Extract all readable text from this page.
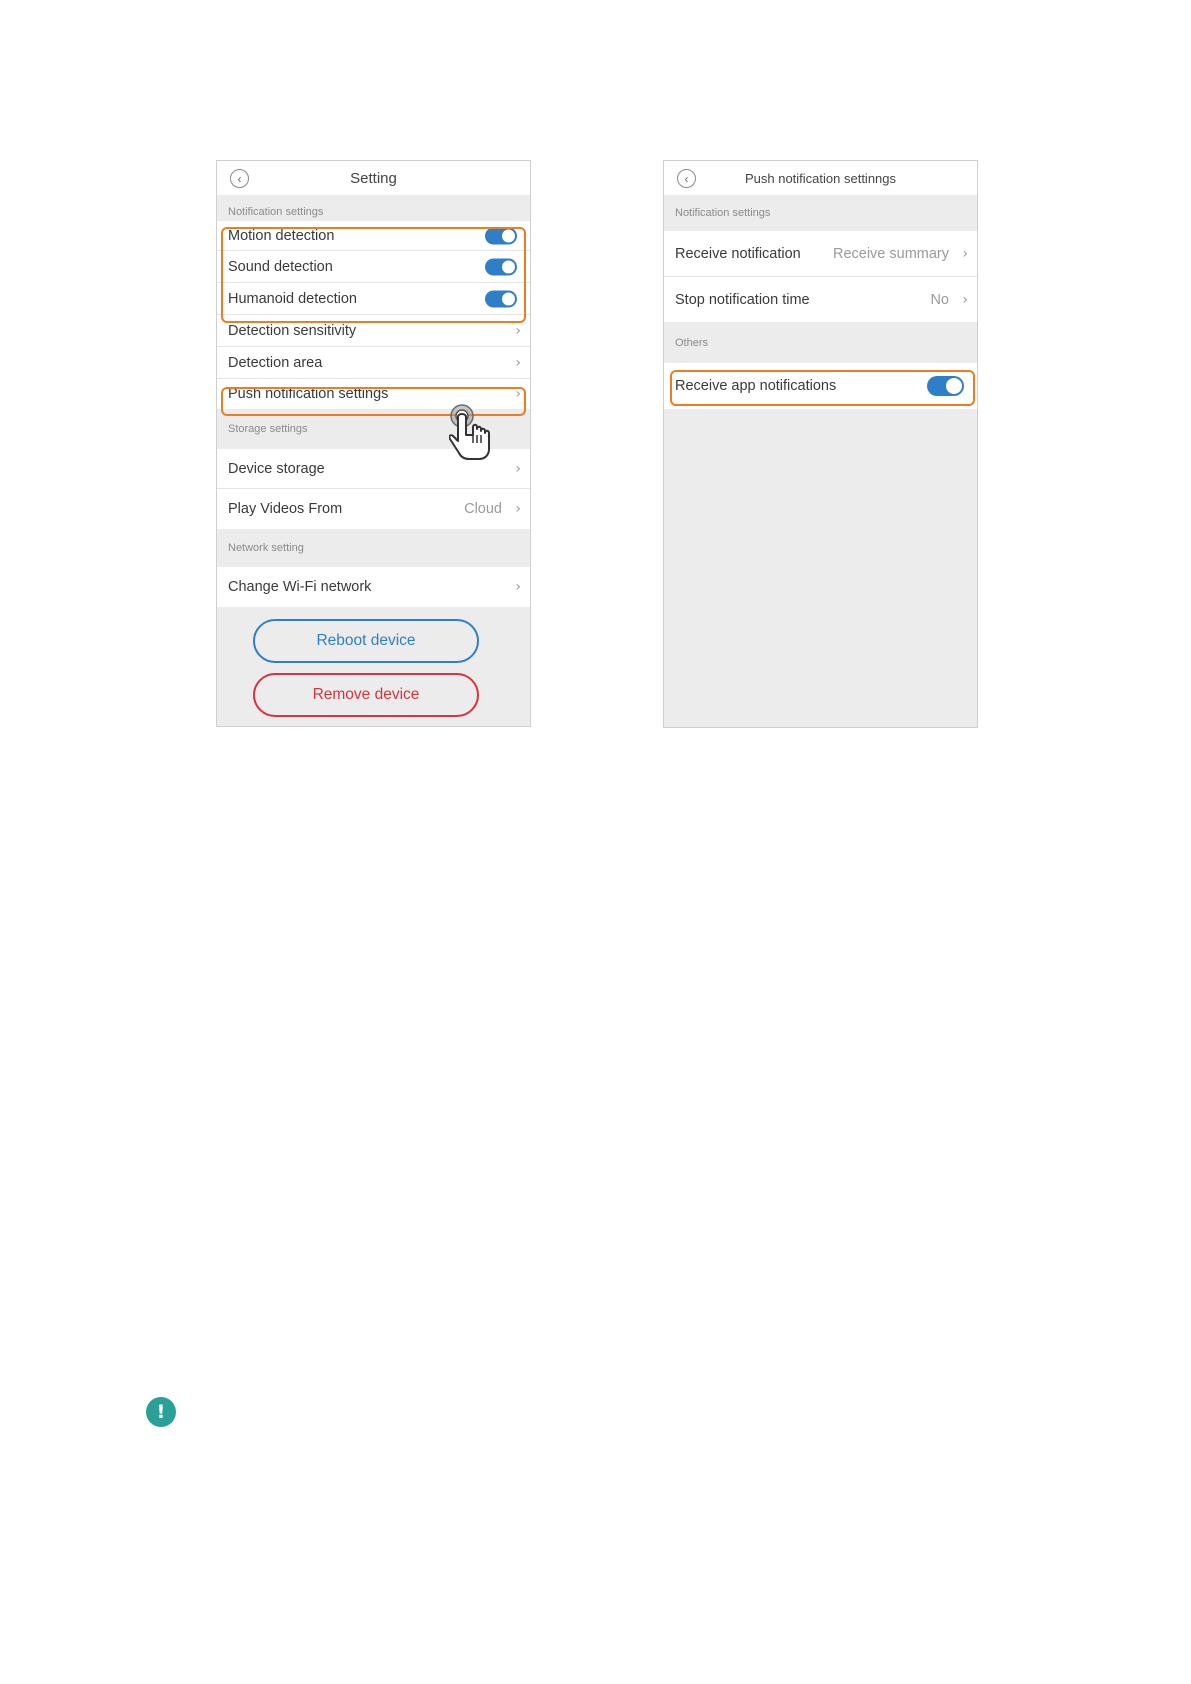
‹	Setting
Notification settings
Motion detection
Sound detection
Humanoid detection
Detection sensitivity	›
Detection area	›
Push notification settings	›
Storage settings
Device storage	›
Play Videos From	Cloud ›
Network setting
Change Wi-Fi network	›
Reboot device
Remove device
‹	Push notification settinngs
Notification settings
Receive notification Receive summary ›
Stop notification time	No ›
Others
Receive app notifications
!
